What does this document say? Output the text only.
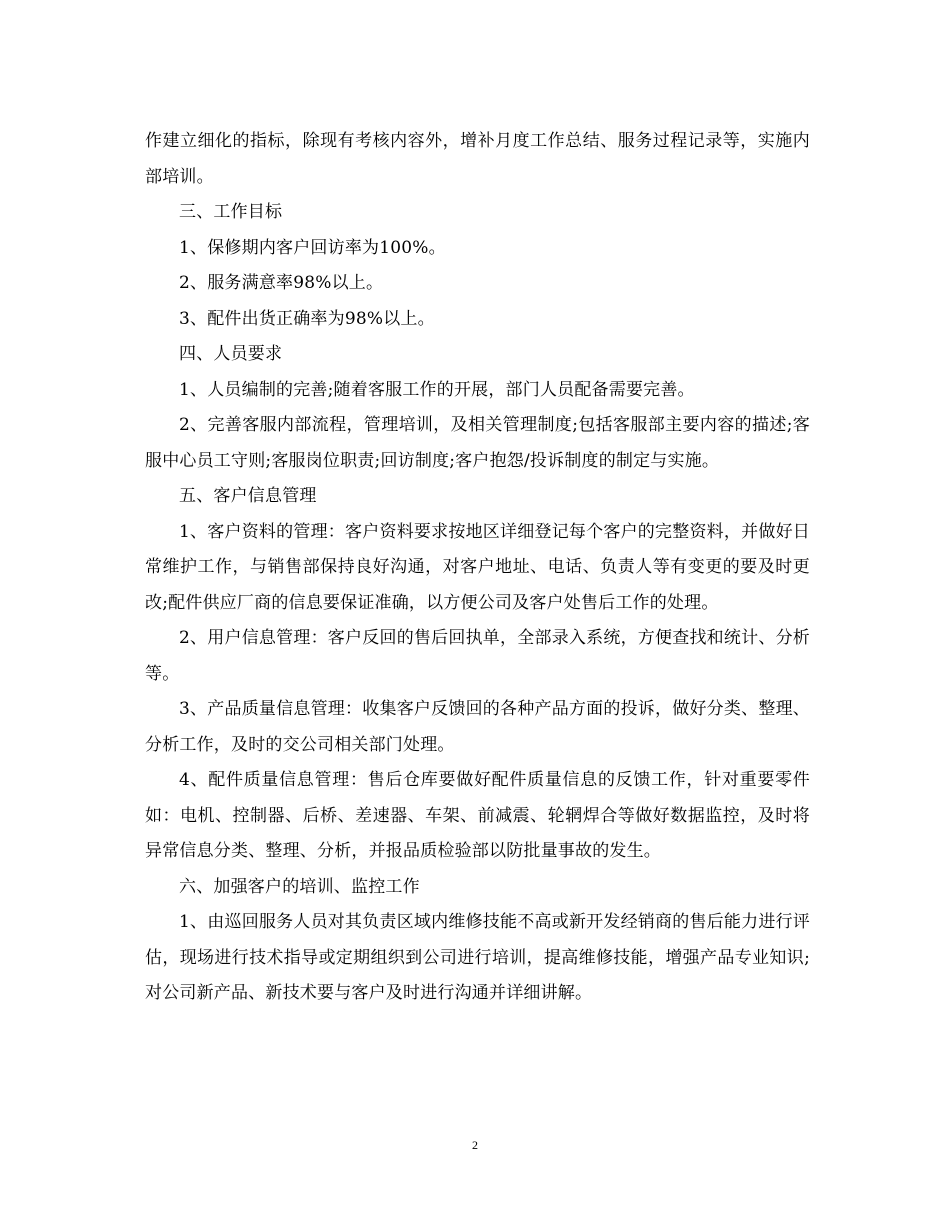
作建立细化的指标，除现有考核内容外，增补月度工作总结、服务过程记录等，实施内部培训。

三、工作目标

1、保修期内客户回访率为100%。

2、服务满意率98%以上。

3、配件出货正确率为98%以上。

四、人员要求

1、人员编制的完善;随着客服工作的开展，部门人员配备需要完善。

2、完善客服内部流程，管理培训，及相关管理制度;包括客服部主要内容的描述;客服中心员工守则;客服岗位职责;回访制度;客户抱怨/投诉制度的制定与实施。

五、客户信息管理

1、客户资料的管理：客户资料要求按地区详细登记每个客户的完整资料，并做好日常维护工作，与销售部保持良好沟通，对客户地址、电话、负责人等有变更的要及时更改;配件供应厂商的信息要保证准确，以方便公司及客户处售后工作的处理。

2、用户信息管理：客户反回的售后回执单，全部录入系统，方便查找和统计、分析等。

3、产品质量信息管理：收集客户反馈回的各种产品方面的投诉，做好分类、整理、分析工作，及时的交公司相关部门处理。

4、配件质量信息管理：售后仓库要做好配件质量信息的反馈工作，针对重要零件如：电机、控制器、后桥、差速器、车架、前减震、轮辋焊合等做好数据监控，及时将异常信息分类、整理、分析，并报品质检验部以防批量事故的发生。

六、加强客户的培训、监控工作

1、由巡回服务人员对其负责区域内维修技能不高或新开发经销商的售后能力进行评估，现场进行技术指导或定期组织到公司进行培训，提高维修技能，增强产品专业知识;对公司新产品、新技术要与客户及时进行沟通并详细讲解。

2
